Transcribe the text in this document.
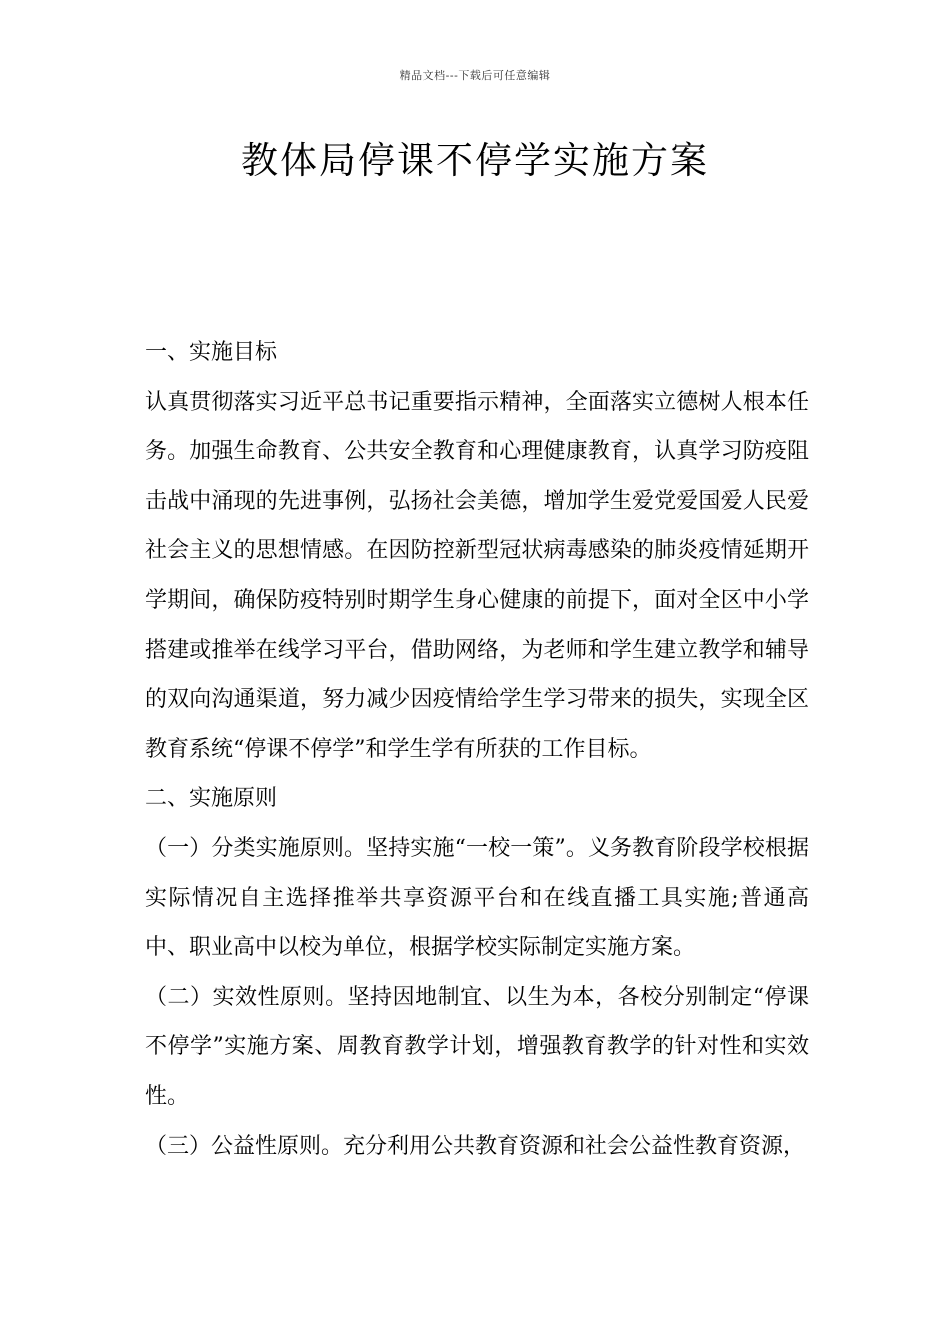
精品文档---下载后可任意编辑
教体局停课不停学实施方案

一、实施目标

认真贯彻落实习近平总书记重要指示精神，全面落实立德树人根本任务。加强生命教育、公共安全教育和心理健康教育，认真学习防疫阻击战中涌现的先进事例，弘扬社会美德，增加学生爱党爱国爱人民爱社会主义的思想情感。在因防控新型冠状病毒感染的肺炎疫情延期开学期间，确保防疫特别时期学生身心健康的前提下，面对全区中小学搭建或推举在线学习平台，借助网络，为老师和学生建立教学和辅导的双向沟通渠道，努力减少因疫情给学生学习带来的损失，实现全区教育系统“停课不停学”和学生学有所获的工作目标。

二、实施原则

（一）分类实施原则。坚持实施“一校一策”。义务教育阶段学校根据实际情况自主选择推举共享资源平台和在线直播工具实施;普通高中、职业高中以校为单位，根据学校实际制定实施方案。

（二）实效性原则。坚持因地制宜、以生为本，各校分别制定“停课不停学”实施方案、周教育教学计划，增强教育教学的针对性和实效性。

（三）公益性原则。充分利用公共教育资源和社会公益性教育资源，
